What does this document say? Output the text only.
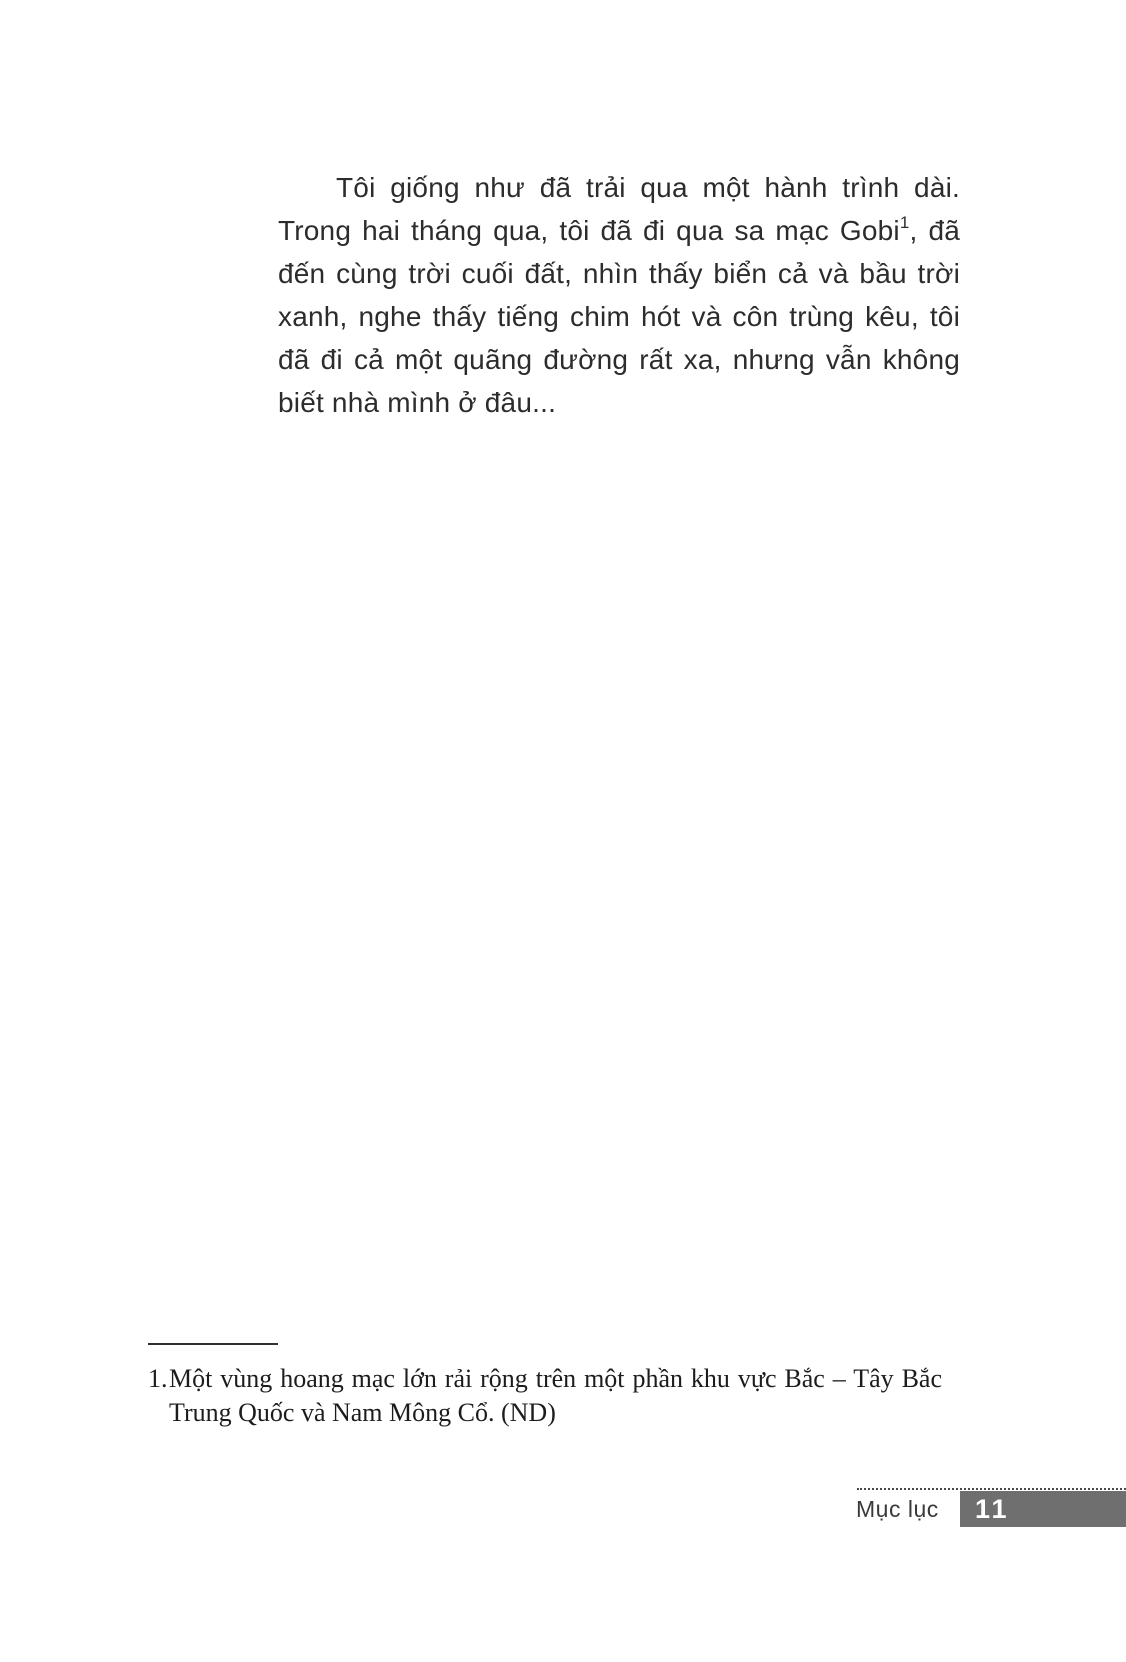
Tôi giống như đã trải qua một hành trình dài.
Trong hai tháng qua, tôi đã đi qua sa mạc Gobi$^1$, đã
đến cùng trời cuối đất, nhìn thấy biển cả và bầu trời
xanh, nghe thấy tiếng chim hót và côn trùng kêu, tôi
đã đi cả một quãng đường rất xa, nhưng vẫn không
biết nhà mình ở đâu...
1. Một vùng hoang mạc lớn rải rộng trên một phần khu vực Bắc – Tây Bắc
Trung Quốc và Nam Mông Cổ. (ND)
Mục lục	11
